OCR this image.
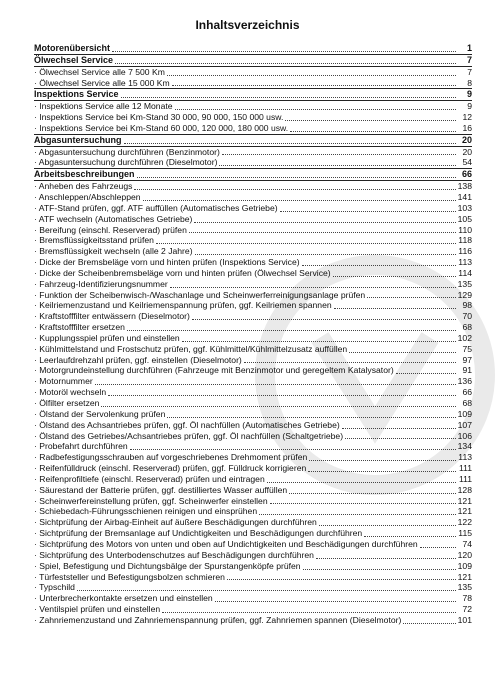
Inhaltsverzeichnis
Motorenübersicht	1
Ölwechsel Service	7
· Ölwechsel Service alle 7 500 Km	7
· Ölwechsel Service alle 15 000 Km	8
Inspektions Service	9
· Inspektions Service alle 12 Monate	9
· Inspektions Service bei Km-Stand 30 000, 90 000, 150 000 usw.	12
· Inspektions Service bei Km-Stand 60 000, 120 000, 180 000 usw.	16
Abgasuntersuchung	20
· Abgasuntersuchung durchführen (Benzinmotor)	20
· Abgasuntersuchung durchführen (Dieselmotor)	54
Arbeitsbeschreibungen	66
· Anheben des Fahrzeugs	138
· Anschleppen/Abschleppen	141
· ATF-Stand prüfen, ggf. ATF auffüllen (Automatisches Getriebe)	103
· ATF wechseln (Automatisches Getriebe)	105
· Bereifung (einschl. Reserverad) prüfen	110
· Bremsflüssigkeitsstand prüfen	118
· Bremsflüssigkeit wechseln (alle 2 Jahre)	116
· Dicke der Bremsbeläge vorn und hinten prüfen (Inspektions Service)	113
· Dicke der Scheibenbremsbeläge vorn und hinten prüfen (Ölwechsel Service)	114
· Fahrzeug-Identifizierungsnummer	135
· Funktion der Scheibenwisch-/Waschanlage und Scheinwerferreinigungsanlage prüfen	129
· Keilriemenzustand und Keilriemenspannung prüfen, ggf. Keilriemen spannen	98
· Kraftstofffilter entwässern (Dieselmotor)	70
· Kraftstofffilter ersetzen	68
· Kupplungsspiel prüfen und einstellen	102
· Kühlmittelstand und Frostschutz prüfen, ggf. Kühlmittel/Kühlmittelzusatz auffüllen	75
· Leerlaufdrehzahl prüfen, ggf. einstellen (Dieselmotor)	97
· Motorgrundeinstellung durchführen (Fahrzeuge mit Benzinmotor und geregeltem Katalysator)	91
· Motornummer	136
· Motoröl wechseln	66
· Ölfilter ersetzen	68
· Ölstand der Servolenkung prüfen	109
· Ölstand des Achsantriebes prüfen, ggf. Öl nachfüllen (Automatisches Getriebe)	107
· Ölstand des Getriebes/Achsantriebes prüfen, ggf. Öl nachfüllen (Schaltgetriebe)	106
· Probefahrt durchführen	134
· Radbefestigungsschrauben auf vorgeschriebenes Drehmoment prüfen	113
· Reifenfülldruck (einschl. Reserverad) prüfen, ggf. Fülldruck korrigieren	111
· Reifenprofiltiefe (einschl. Reserverad) prüfen und eintragen	111
· Säurestand der Batterie prüfen, ggf. destilliertes Wasser auffüllen	128
· Scheinwerfereinstellung prüfen, ggf. Scheinwerfer einstellen	121
· Schiebedach-Führungsschienen reinigen und einsprühen	121
· Sichtprüfung der Airbag-Einheit auf äußere Beschädigungen durchführen	122
· Sichtprüfung der Bremsanlage auf Undichtigkeiten und Beschädigungen durchführen	115
· Sichtprüfung des Motors von unten und oben auf Undichtigkeiten und Beschädigungen durchführen	74
· Sichtprüfung des Unterbodenschutzes auf Beschädigungen durchführen	120
· Spiel, Befestigung und Dichtungsbälge der Spurstangenköpfe prüfen	109
· Türfeststeller und Befestigungsbolzen schmieren	121
· Typschild	135
· Unterbrecherkontakte ersetzen und einstellen	78
· Ventilspiel prüfen und einstellen	72
· Zahnriemenzustand und Zahnriemenspannung prüfen, ggf. Zahnriemen spannen (Dieselmotor)	101
